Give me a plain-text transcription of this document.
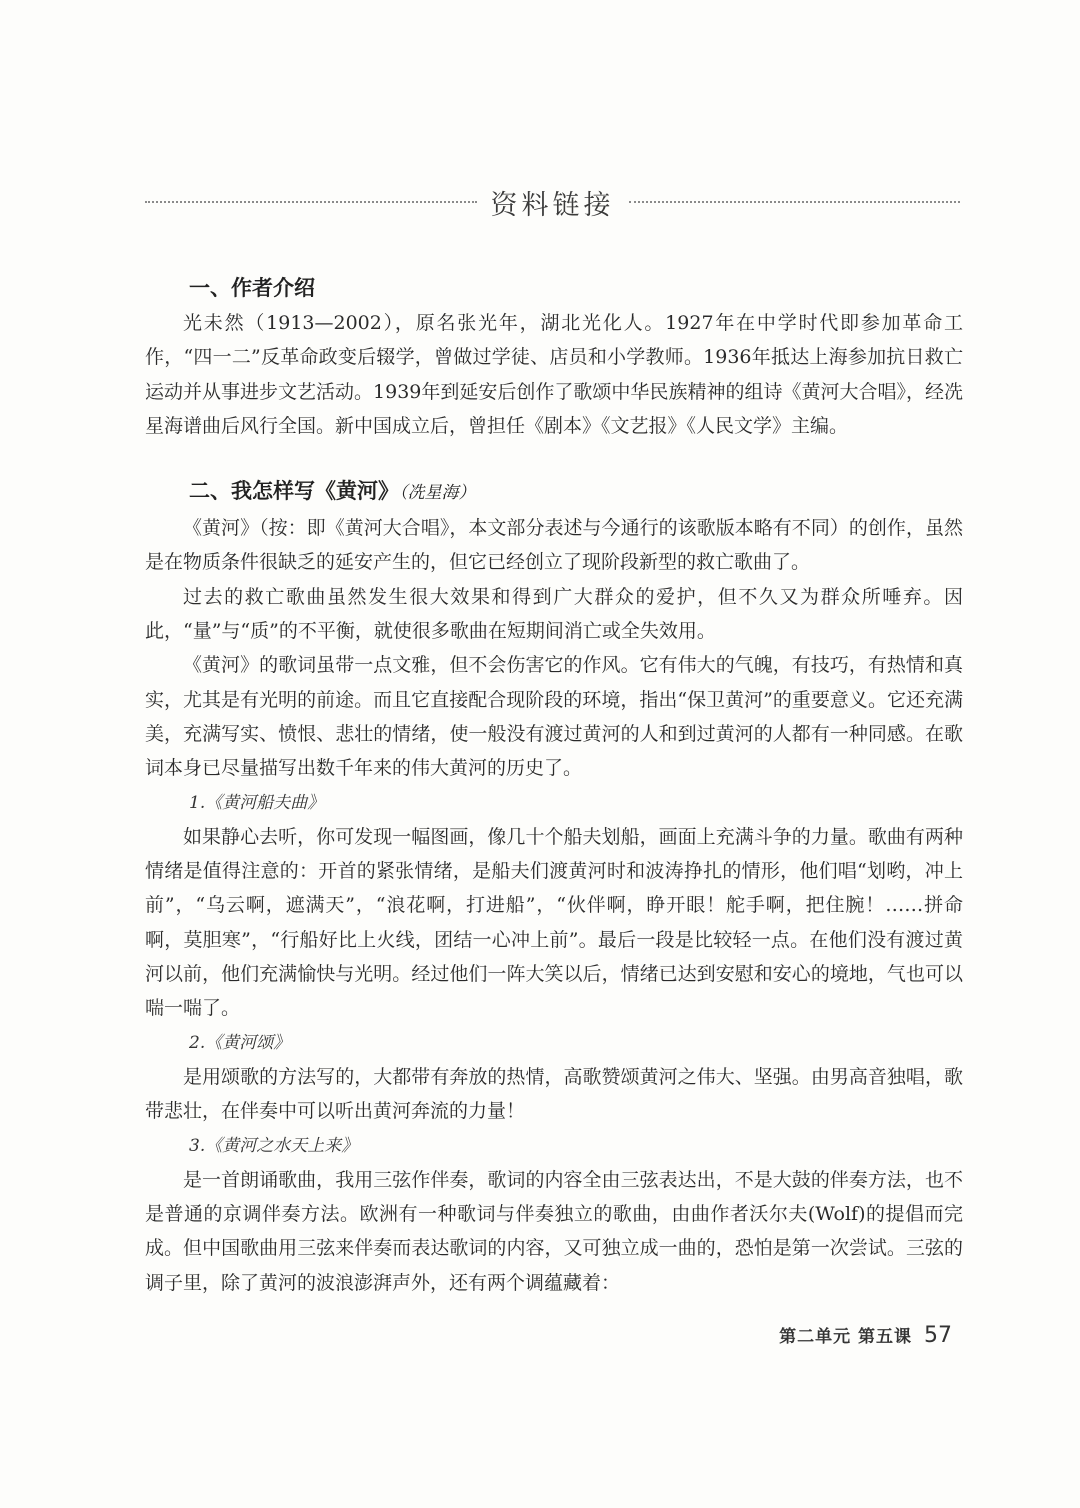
资料链接
一、作者介绍

光未然（1913—2002），原名张光年，湖北光化人。1927年在中学时代即参加革命工作，“四一二”反革命政变后辍学，曾做过学徒、店员和小学教师。1936年抵达上海参加抗日救亡运动并从事进步文艺活动。1939年到延安后创作了歌颂中华民族精神的组诗《黄河大合唱》，经冼星海谱曲后风行全国。新中国成立后，曾担任《剧本》《文艺报》《人民文学》主编。

二、我怎样写《黄河》（冼星海）

《黄河》（按：即《黄河大合唱》，本文部分表述与今通行的该歌版本略有不同）的创作，虽然是在物质条件很缺乏的延安产生的，但它已经创立了现阶段新型的救亡歌曲了。

过去的救亡歌曲虽然发生很大效果和得到广大群众的爱护，但不久又为群众所唾弃。因此，“量”与“质”的不平衡，就使很多歌曲在短期间消亡或全失效用。

《黄河》的歌词虽带一点文雅，但不会伤害它的作风。它有伟大的气魄，有技巧，有热情和真实，尤其是有光明的前途。而且它直接配合现阶段的环境，指出“保卫黄河”的重要意义。它还充满美，充满写实、愤恨、悲壮的情绪，使一般没有渡过黄河的人和到过黄河的人都有一种同感。在歌词本身已尽量描写出数千年来的伟大黄河的历史了。

1.《黄河船夫曲》

如果静心去听，你可发现一幅图画，像几十个船夫划船，画面上充满斗争的力量。歌曲有两种情绪是值得注意的：开首的紧张情绪，是船夫们渡黄河时和波涛挣扎的情形，他们唱“划哟，冲上前”，“乌云啊，遮满天”，“浪花啊，打进船”，“伙伴啊，睁开眼！舵手啊，把住腕！……拼命啊，莫胆寒”，“行船好比上火线，团结一心冲上前”。最后一段是比较轻一点。在他们没有渡过黄河以前，他们充满愉快与光明。经过他们一阵大笑以后，情绪已达到安慰和安心的境地，气也可以喘一喘了。

2.《黄河颂》

是用颂歌的方法写的，大都带有奔放的热情，高歌赞颂黄河之伟大、坚强。由男高音独唱，歌带悲壮，在伴奏中可以听出黄河奔流的力量！

3.《黄河之水天上来》

是一首朗诵歌曲，我用三弦作伴奏，歌词的内容全由三弦表达出，不是大鼓的伴奏方法，也不是普通的京调伴奏方法。欧洲有一种歌词与伴奏独立的歌曲，由曲作者沃尔夫(Wolf)的提倡而完成。但中国歌曲用三弦来伴奏而表达歌词的内容，又可独立成一曲的，恐怕是第一次尝试。三弦的调子里，除了黄河的波浪澎湃声外，还有两个调蕴藏着：

第二单元 第五课 57
